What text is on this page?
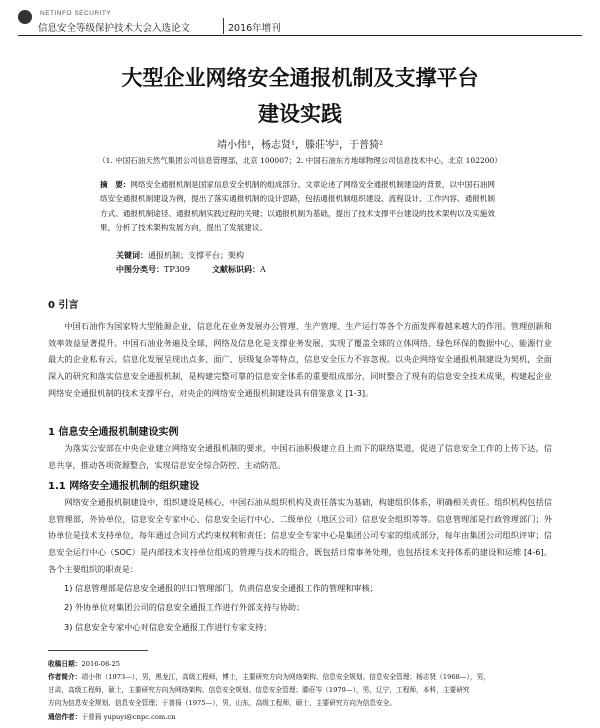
NETINFO SECURITY
信息安全等级保护技术大会入选论文	2016年增刊
大型企业网络安全通报机制及支撑平台
建设实践
靖小伟¹，杨志贤¹，滕莊岑²，于普猗²
（1. 中国石油天然气集团公司信息管理部，北京 100007；2. 中国石油东方地球物理公司信息技术中心，北京 102200）
摘　要：网络安全通报机制是国家信息安全机制的组成部分。文章论述了网络安全通报机制建设的背景，以中国石油网络安全通报机制建设为例，提出了落实通报机制的设计思路，包括通报机制组织建设、流程设计、工作内容、通报机制方式、通报机制途径、通报机制实践过程的关键；以通报机制为基础，提出了技术支撑平台建设的技术架构以及实施效果，分析了技术架构发展方向，提出了发展建议。
关键词：通报机制；支撑平台；架构
中图分类号：TP309	文献标识码：A
0 引言
中国石油作为国家特大型能源企业，信息化在业务发展办公管理、生产管理、生产运行等各个方面发挥着越来越大的作用。管理创新和效率效益显著提升。中国石油业务遍及全球，网络及信息化是支撑业务发展，实现了覆盖全球的立体网络、绿色环保的数据中心、能源行业最大的企业私有云。信息化发展呈现出点多、面广、层级复杂等特点，信息安全压力不容忽视。以央企网络安全通报机制建设为契机，全面深入的研究和落实信息安全通报机制，是构建完整可靠的信息安全体系的重要组成部分，同时整合了现有的信息安全技术成果，构建起企业网络安全通报机制的技术支撑平台，对央企的网络安全通报机制建设具有借鉴意义 [1-3]。
1 信息安全通报机制建设实例
为落实公安部在中央企业建立网络安全通报机制的要求，中国石油积极建立自上而下的联络渠道，促进了信息安全工作的上传下达，信息共享，推动各项资源整合，实现信息安全综合防控、主动防范。
1.1 网络安全通报机制的组织建设
网络安全通报机制建设中，组织建设是核心，中国石油从组织机构及责任落实为基础，构建组织体系，明确相关责任。组织机构包括信息管理部，外协单位，信息安全专家中心、信息安全运行中心、二级单位（地区公司）信息安全组织等等。信息管理部是行政管理部门；外协单位是技术支持单位，每年通过合同方式约束权利和责任；信息安全专家中心是集团公司专家的组成部分，每年由集团公司组织评审；信息安全运行中心（SOC）是内部技术支持单位组成的管理与技术的组合，既包括日常事务处理，也包括技术支持体系的建设和运维 [4-6]。各个主要组织的职责是：
1) 信息管理部是信息安全通报的归口管理部门，负责信息安全通报工作的管理和审核；
2) 外协单位对集团公司的信息安全通报工作进行外部支持与协助；
3) 信息安全专家中心对信息安全通报工作进行专家支持；
收稿日期：2016-08-25
作者简介：靖小伟（1973—），男，黑龙江，高级工程师，博士，主要研究方向为网络架构、信息安全规划、信息安全管理；杨志贤（1968—），男，
甘肃，高级工程师，硕士，主要研究方向为网络架构、信息安全规划、信息安全管理；滕莊岑（1979—），男，辽宁，工程师，本科，主要研究
方向为信息安全规划、信息安全管理；于普猗（1975—），男，山东，高级工程师，硕士，主要研究方向为信息安全。
通信作者：于普猗 yupuyi@cnpc.com.cn
